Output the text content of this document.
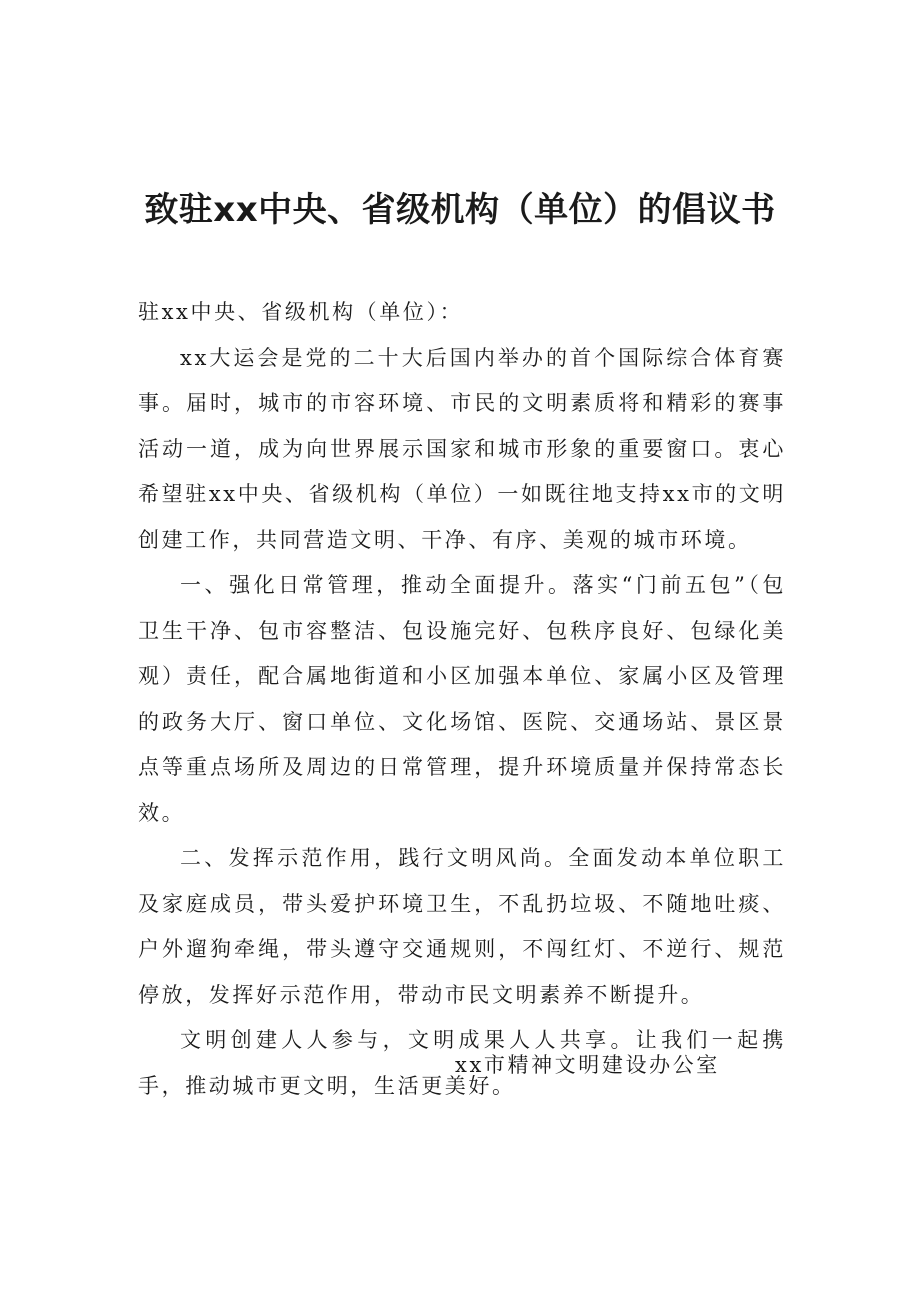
致驻xx中央、省级机构（单位）的倡议书

驻xx中央、省级机构（单位）：

xx大运会是党的二十大后国内举办的首个国际综合体育赛事。届时，城市的市容环境、市民的文明素质将和精彩的赛事活动一道，成为向世界展示国家和城市形象的重要窗口。衷心希望驻xx中央、省级机构（单位）一如既往地支持xx市的文明创建工作，共同营造文明、干净、有序、美观的城市环境。

一、强化日常管理，推动全面提升。落实“门前五包”（包卫生干净、包市容整洁、包设施完好、包秩序良好、包绿化美观）责任，配合属地街道和小区加强本单位、家属小区及管理的政务大厅、窗口单位、文化场馆、医院、交通场站、景区景点等重点场所及周边的日常管理，提升环境质量并保持常态长效。

二、发挥示范作用，践行文明风尚。全面发动本单位职工及家庭成员，带头爱护环境卫生，不乱扔垃圾、不随地吐痰、户外遛狗牵绳，带头遵守交通规则，不闯红灯、不逆行、规范停放，发挥好示范作用，带动市民文明素养不断提升。

文明创建人人参与，文明成果人人共享。让我们一起携手，推动城市更文明，生活更美好。

xx市精神文明建设办公室
